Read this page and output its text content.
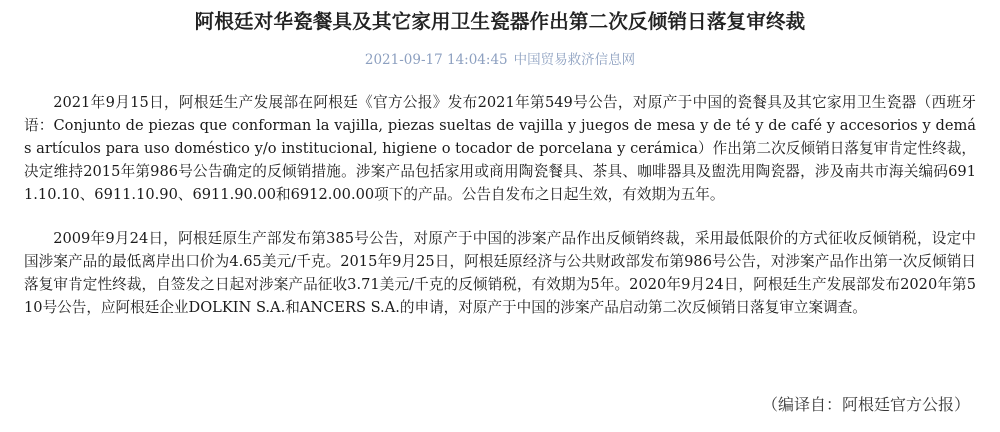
阿根廷对华瓷餐具及其它家用卫生瓷器作出第二次反倾销日落复审终裁
2021-09-17 14:04:45 中国贸易救济信息网

2021年9月15日，阿根廷生产发展部在阿根廷《官方公报》发布2021年第549号公告，对原产于中国的瓷餐具及其它家用卫生瓷器（西班牙语：Conjunto de piezas que conforman la vajilla, piezas sueltas de vajilla y juegos de mesa y de té y de café y accesorios y demás artículos para uso doméstico y/o institucional, higiene o tocador de porcelana y cerámica）作出第二次反倾销日落复审肯定性终裁，决定维持2015年第986号公告确定的反倾销措施。涉案产品包括家用或商用陶瓷餐具、茶具、咖啡器具及盥洗用陶瓷器，涉及南共市海关编码6911.10.10、6911.10.90、6911.90.00和6912.00.00项下的产品。公告自发布之日起生效，有效期为五年。

2009年9月24日，阿根廷原生产部发布第385号公告，对原产于中国的涉案产品作出反倾销终裁，采用最低限价的方式征收反倾销税，设定中国涉案产品的最低离岸出口价为4.65美元/千克。2015年9月25日，阿根廷原经济与公共财政部发布第986号公告，对涉案产品作出第一次反倾销日落复审肯定性终裁，自签发之日起对涉案产品征收3.71美元/千克的反倾销税，有效期为5年。2020年9月24日，阿根廷生产发展部发布2020年第510号公告，应阿根廷企业DOLKIN S.A.和ANCERS S.A.的申请，对原产于中国的涉案产品启动第二次反倾销日落复审立案调查。

（编译自：阿根廷官方公报）
